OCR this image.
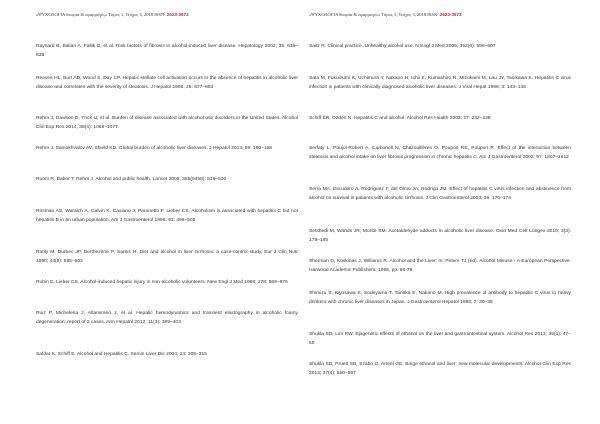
«ΨΥΧΟΛΟΓΙΑ θεωρία & εφαρμογές» Τόμος 1, Τεύχος 3, 2018 ISSN: 2623-3673
Raynard B, Balian A, Fallik D, et al. Risk factors of fibrosis in alcohol-induced liver disease. Hepatology 2002; 35: 635–638
Reeves HL, Burt AD, Wood S, Day CP. Hepatic stellate cell activation occurs in the absence of hepatitis in alcoholic liver disease and correlates with the severity of steatosis. J Hepatol 1996; 25: 677–683
Rehm J, Dawson D, Frick U, et al. Burden of disease associated with alcohol use disorders in the United States. Alcohol Clin Exp Res 2014; 38(4): 1068–1077
Rehm J, Samokhvalov AV, Shield KD. Global burden of alcoholic liver diseases. J Hepatol 2013; 59: 160–168
Room R, Babor T, Rehm J. Alcohol and public health. Lancet 2005; 365(9458): 519–530
Rosman AS, Waraich A, Galvin K, Casiano J, Paronetto F, Lieber CS. Alcoholism is associated with hepatitis C but not hepatitis B in an urban population. Am J Gastroenterol 1996; 91: 498–505
Rotily M, Durbec JP, Berthezène P, Sarles H. Diet and alcohol in liver cirrhosis: a case-control study. Eur J Clin Nutr 1990; 44(8): 595–603
Rubin E, Lieber CS. Alcohol-induced hepatic injury in non-alcoholic volunteers. New Engl J Med 1968; 278: 869–876
Ruiz P, Michelena J, Altamirano J, et al. Hepatic hemodynamics and transient elastography in alcoholic foamy degeneration: report of 2 cases. Ann Hepatol 2012; 11(3): 399–403
Safdar K, Schiff E. Alcohol and Hepatitis C. Semin Liver Dis 2004; 24: 305–315
«ΨΥΧΟΛΟΓΙΑ θεωρία & εφαρμογές» Τόμος 1, Τεύχος 3, 2018 ISSN: 2623-3673
Saitz R. Clinical practice. Unhealthy alcohol use. N Engl J Med 2005; 352(6): 596–607
Sata M, Fukuizumi K, Uchimura Y, Nakano H, Ishii K, Kumashiro R, Mizokami M, Lau JY, Tanikawa K. Hepatitis C virus infection in patients with clinically diagnosed alcoholic liver diseases. J Viral Hepat 1996; 3: 143–148
Schiff ER, Ozden N. Hepatitis C and alcohol. Alcohol Res Health 2003; 27: 232–239
Serfaty L, Poujol-Robert A, Carbonell N, Chazouillères O, Poupon RE, Poupon R. Effect of the interaction between steatosis and alcohol intake on liver fibrosis progression in chronic hepatitis C. Am J Gastroenterol 2002; 97: 1807–1812
Serra MA, Escudero A, Rodríguez F, del Olmo JA, Rodrigo JM. Effect of hepatitis C virus infection and abstinence from alcohol on survival in patients with alcoholic cirrhosis. J Clin Gastroenterol 2003; 36: 170–174
Setshedi M, Wands JR, Monte SM. Acetaldehyde adducts in alcoholic liver disease. Oxid Med Cell Longev 2010; 3(3): 178–185
Sherman D, Koskinas J, Williams R. Alcohol and the Liver. In: Peters TJ (ed). Alcohol Misuse - A European Perspective. Harwood Academic Publishers, 1996, pp. 66-79
Shimizu S, Kiyosawa K, Sodeyama T, Tanaka E, Nakano M. High prevalence of antibody to hepatitis C virus in heavy drinkers with chronic liver diseases in Japan. J Gastroenterol Hepatol 1992; 7: 30–35
Shukla SD, Lim RW. Epigenetic effects of ethanol on the liver and gastrointestinal system. Alcohol Res 2013; 35(1): 47–55
Shukla SD, Pruett SB, Szabo G, Arteel GE. Binge ethanol and liver: new molecular developments. Alcohol Clin Exp Res 2013; 37(4): 550–557
